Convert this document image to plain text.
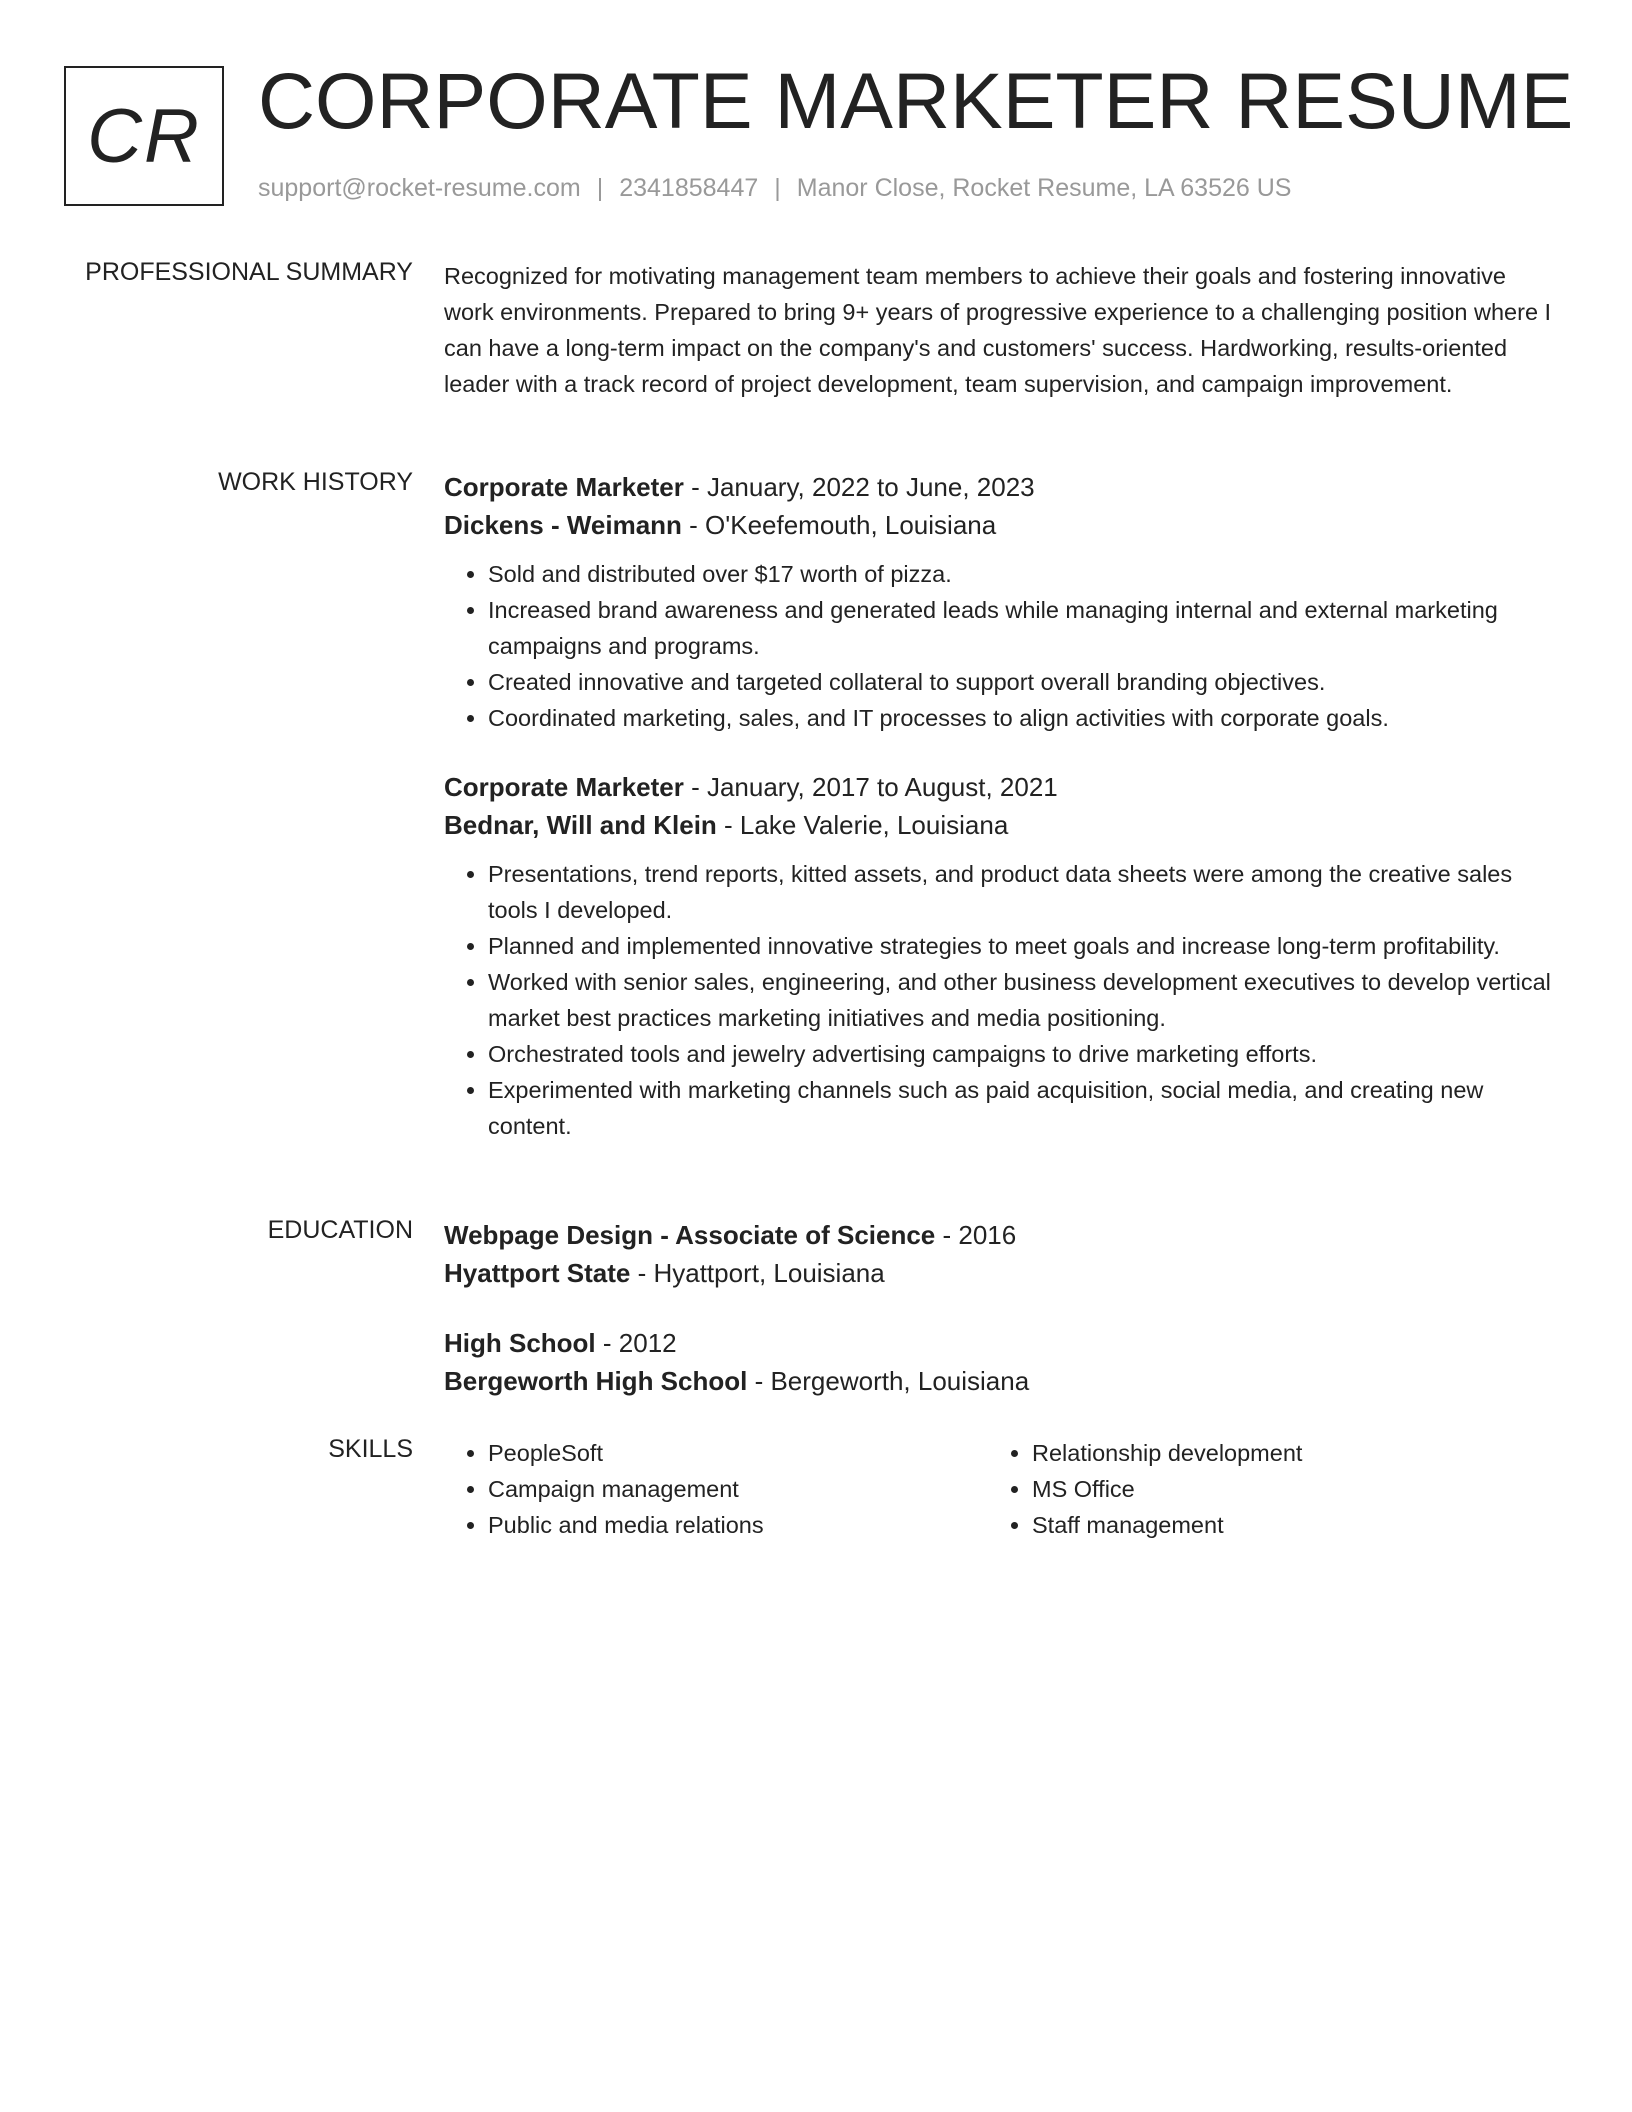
CR CORPORATE MARKETER RESUME
support@rocket-resume.com | 2341858447 | Manor Close, Rocket Resume, LA 63526 US
PROFESSIONAL SUMMARY Recognized for motivating management team members to achieve their goals and fostering innovative work environments. Prepared to bring 9+ years of progressive experience to a challenging position where I can have a long-term impact on the company's and customers' success. Hardworking, results-oriented leader with a track record of project development, team supervision, and campaign improvement.

WORK HISTORY Corporate Marketer - January, 2022 to June, 2023

Dickens - Weimann - O'Keefemouth, Louisiana

• Sold and distributed over $17 worth of pizza.
• Increased brand awareness and generated leads while managing internal and external marketing campaigns and programs.
• Created innovative and targeted collateral to support overall branding objectives.
• Coordinated marketing, sales, and IT processes to align activities with corporate goals.

Corporate Marketer - January, 2017 to August, 2021

Bednar, Will and Klein - Lake Valerie, Louisiana

• Presentations, trend reports, kitted assets, and product data sheets were among the creative sales tools I developed.
• Planned and implemented innovative strategies to meet goals and increase long-term profitability.
• Worked with senior sales, engineering, and other business development executives to develop vertical market best practices marketing initiatives and media positioning.
• Orchestrated tools and jewelry advertising campaigns to drive marketing efforts.
• Experimented with marketing channels such as paid acquisition, social media, and creating new content.
EDUCATION Webpage Design - Associate of Science - 2016

Hyattport State - Hyattport, Louisiana

High School - 2012

Bergeworth High School - Bergeworth, Louisiana

SKILLS
•	PeopleSoft
• Campaign management
• Public and media relations
• Relationship development
• MS Office
• Staff management
